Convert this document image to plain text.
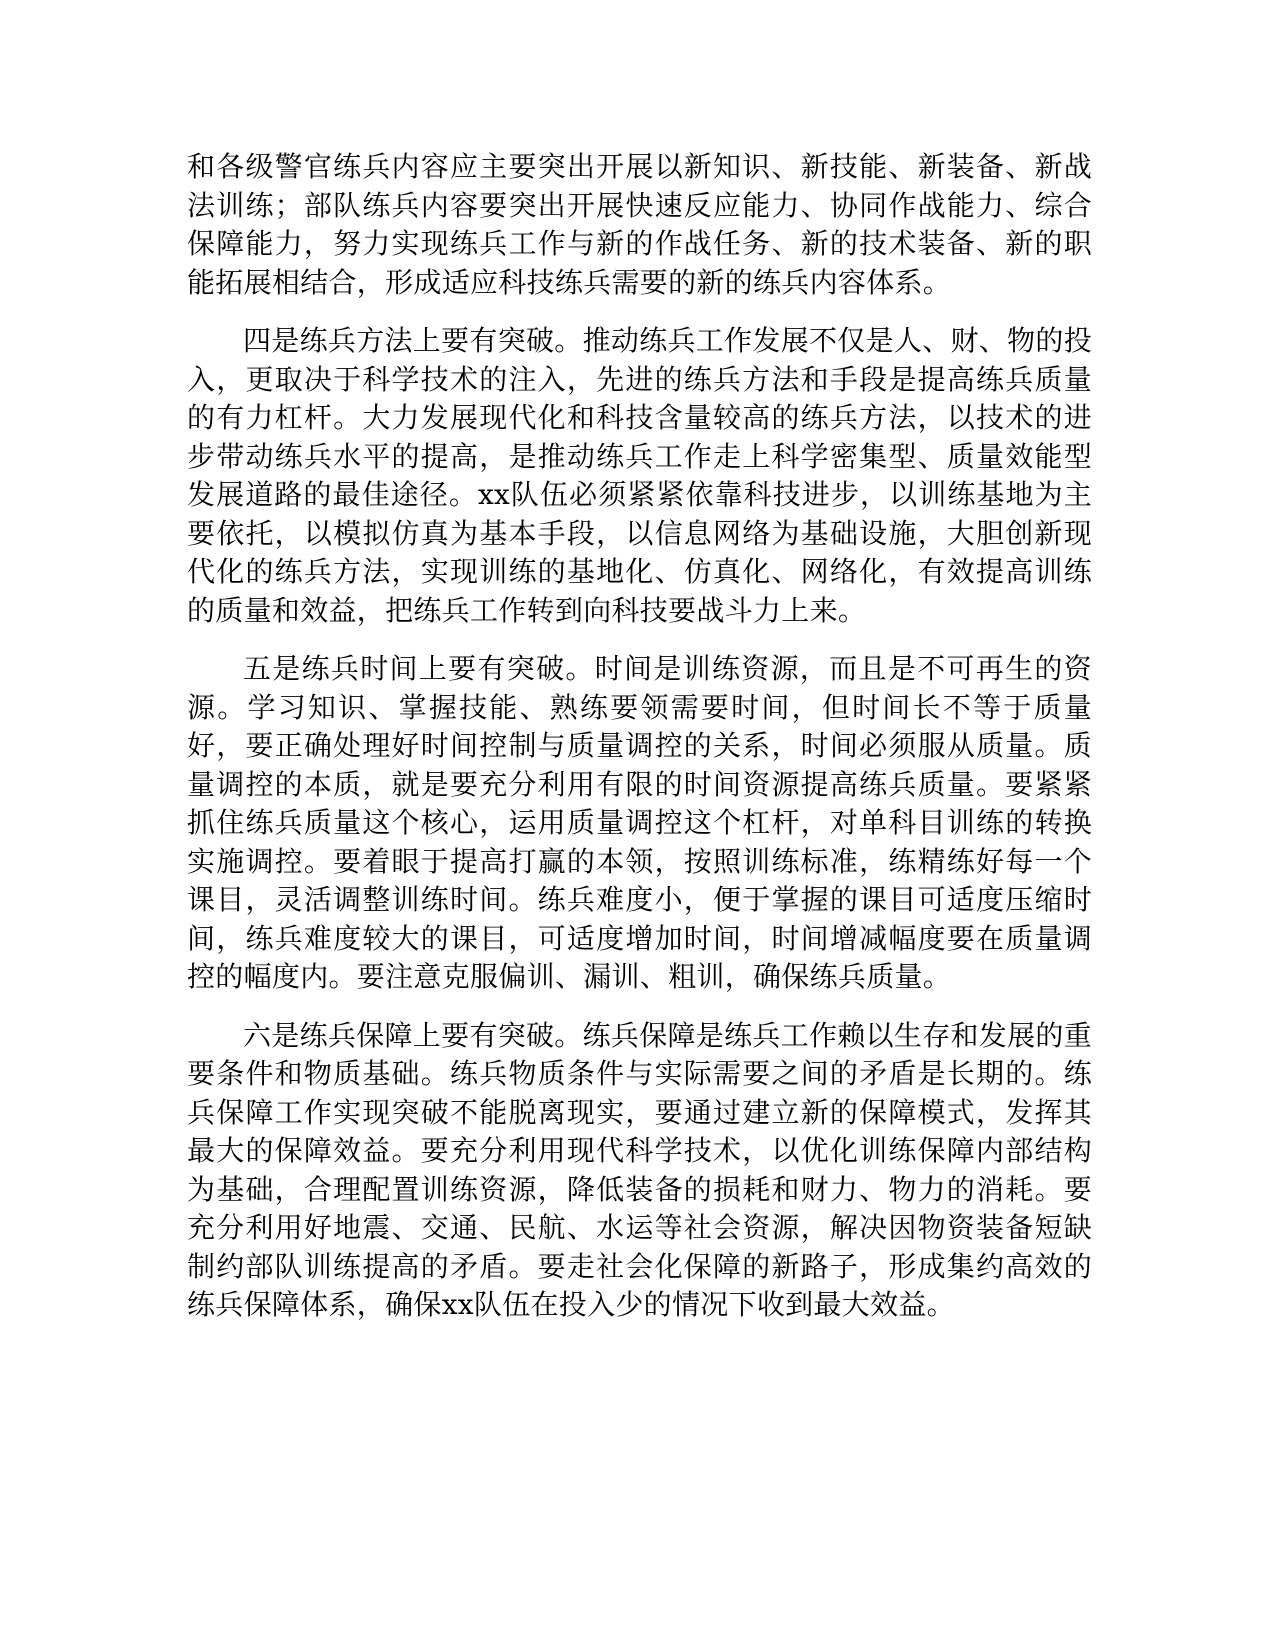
和各级警官练兵内容应主要突出开展以新知识、新技能、新装备、新战法训练；部队练兵内容要突出开展快速反应能力、协同作战能力、综合保障能力，努力实现练兵工作与新的作战任务、新的技术装备、新的职能拓展相结合，形成适应科技练兵需要的新的练兵内容体系。

四是练兵方法上要有突破。推动练兵工作发展不仅是人、财、物的投入，更取决于科学技术的注入，先进的练兵方法和手段是提高练兵质量的有力杠杆。大力发展现代化和科技含量较高的练兵方法，以技术的进步带动练兵水平的提高，是推动练兵工作走上科学密集型、质量效能型发展道路的最佳途径。xx队伍必须紧紧依靠科技进步，以训练基地为主要依托，以模拟仿真为基本手段，以信息网络为基础设施，大胆创新现代化的练兵方法，实现训练的基地化、仿真化、网络化，有效提高训练的质量和效益，把练兵工作转到向科技要战斗力上来。

五是练兵时间上要有突破。时间是训练资源，而且是不可再生的资源。学习知识、掌握技能、熟练要领需要时间，但时间长不等于质量好，要正确处理好时间控制与质量调控的关系，时间必须服从质量。质量调控的本质，就是要充分利用有限的时间资源提高练兵质量。要紧紧抓住练兵质量这个核心，运用质量调控这个杠杆，对单科目训练的转换实施调控。要着眼于提高打赢的本领，按照训练标准，练精练好每一个课目，灵活调整训练时间。练兵难度小，便于掌握的课目可适度压缩时间，练兵难度较大的课目，可适度增加时间，时间增减幅度要在质量调控的幅度内。要注意克服偏训、漏训、粗训，确保练兵质量。

六是练兵保障上要有突破。练兵保障是练兵工作赖以生存和发展的重要条件和物质基础。练兵物质条件与实际需要之间的矛盾是长期的。练兵保障工作实现突破不能脱离现实，要通过建立新的保障模式，发挥其最大的保障效益。要充分利用现代科学技术，以优化训练保障内部结构为基础，合理配置训练资源，降低装备的损耗和财力、物力的消耗。要充分利用好地震、交通、民航、水运等社会资源，解决因物资装备短缺制约部队训练提高的矛盾。要走社会化保障的新路子，形成集约高效的练兵保障体系，确保xx队伍在投入少的情况下收到最大效益。
